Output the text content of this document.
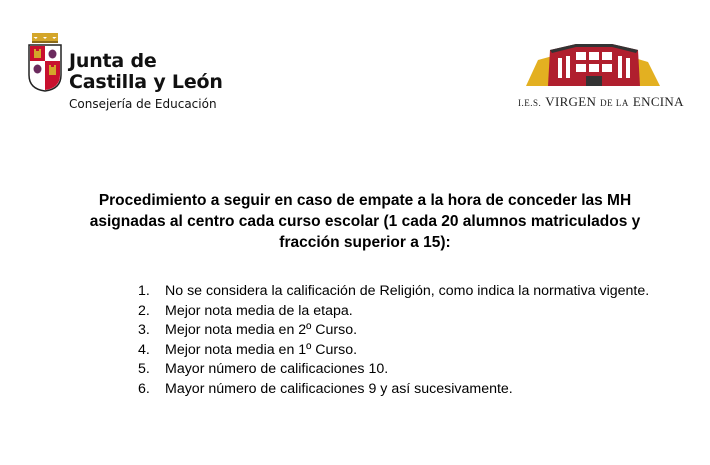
Junta de
Castilla y León
Consejería de Educación	I.E.S. VIRGEN DE LA ENCINA
Procedimiento a seguir en caso de empate a la hora de conceder las MH
asignadas al centro cada curso escolar (1 cada 20 alumnos matriculados y
fracción superior a 15):
1.	No se considera la calificación de Religión, como indica la normativa vigente.
2.	Mejor nota media de la etapa.
3.	Mejor nota media en 2º Curso.
4.	Mejor nota media en 1º Curso.
5.	Mayor número de calificaciones 10.
6.	Mayor número de calificaciones 9 y así sucesivamente.
